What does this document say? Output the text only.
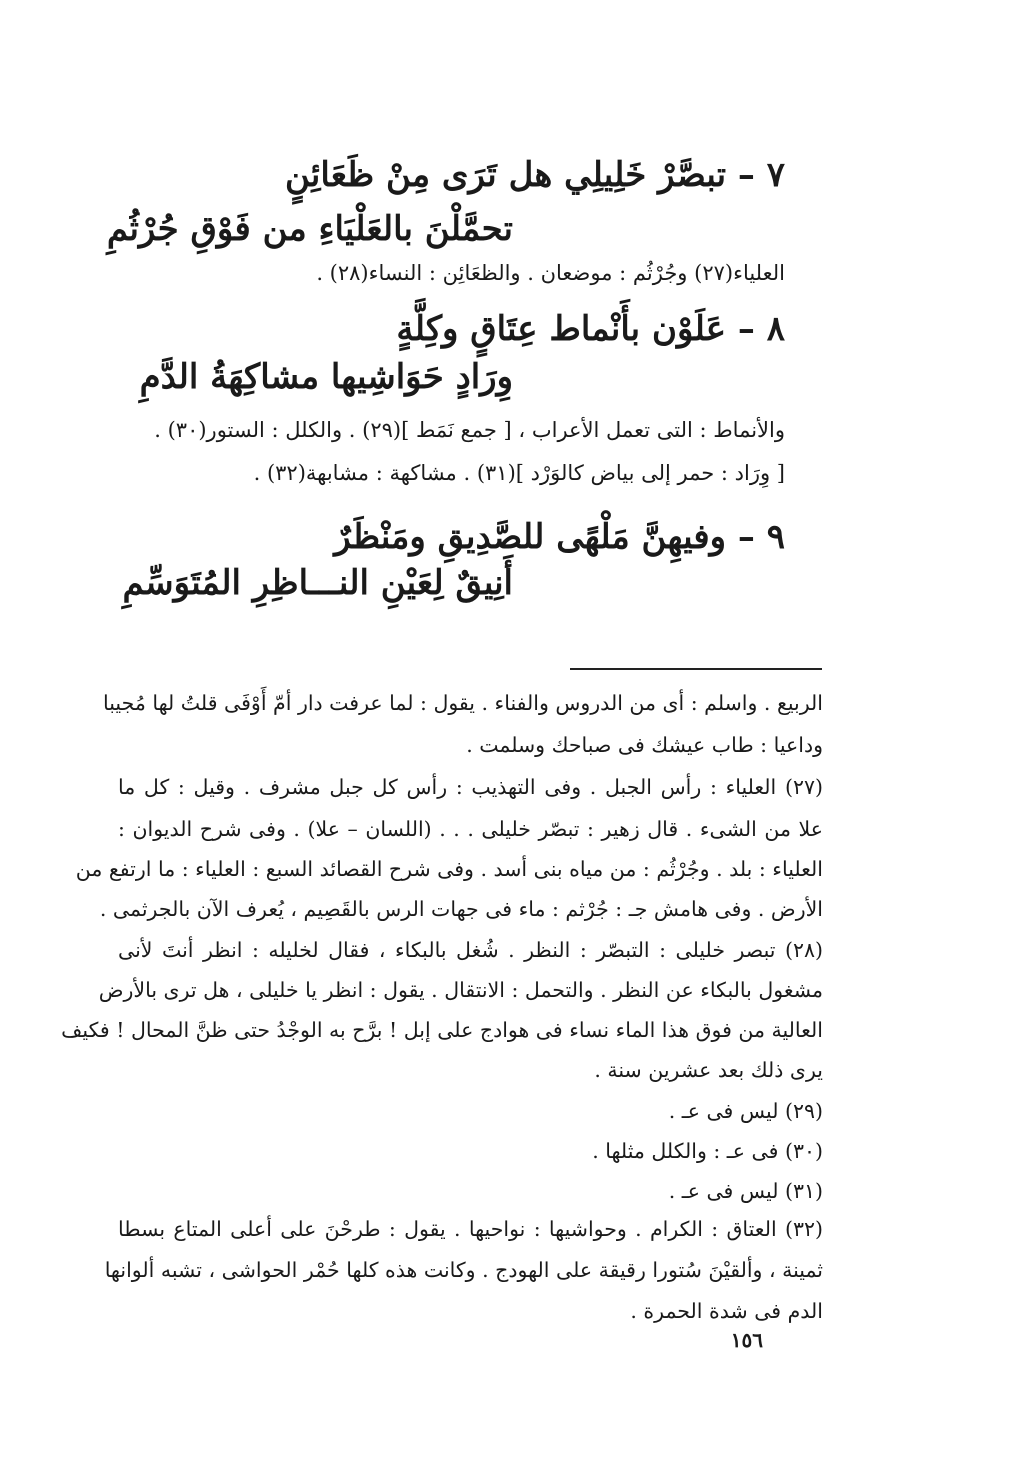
٧ – تبصَّرْ خَلِيلِي هل تَرَى مِنْ ظَعَائِنٍ
تحمَّلْنَ بالعَلْيَاءِ من فَوْقِ جُرْثُمِ
العلياء(٢٧) وجُرْثُم : موضعان . والظعَائِن : النساء(٢٨) .
٨ – عَلَوْن بأَنْماط عِتَاقٍ وكِلَّةٍ
وِرَادٍ حَوَاشِيها مشاكِهَةُ الدَّمِ
والأنماط : التى تعمل الأعراب ، [ جمع نَمَط ](٢٩) . والكلل : الستور(٣٠) .
[ وِرَاد : حمر إلى بياض كالوَرْد ](٣١) . مشاكهة : مشابهة(٣٢) .
٩ – وفيهِنَّ مَلْهًى للصَّدِيقِ ومَنْظَرٌ
أَنِيقٌ لِعَيْنِ النـــاظِرِ المُتَوَسِّمِ
الربيع . واسلم : أى من الدروس والفناء . يقول : لما عرفت دار أمّ أَوْفَى قلتُ لها مُجيبا
وداعيا : طاب عيشك فى صباحك وسلمت .
(٢٧) العلياء : رأس الجبل . وفى التهذيب : رأس كل جبل مشرف . وقيل : كل ما
علا من الشىء . قال زهير : تبصّر خليلى . . . (اللسان – علا) . وفى شرح الديوان :
العلياء : بلد . وجُرْثُم : من مياه بنى أسد . وفى شرح القصائد السبع : العلياء : ما ارتفع من
الأرض . وفى هامش جـ : جُرْثم : ماء فى جهات الرس بالقَصِيم ، يُعرف الآن بالجرثمى .
(٢٨) تبصر خليلى : التبصّر : النظر . شُغل بالبكاء ، فقال لخليله : انظر أنتَ لأنى
مشغول بالبكاء عن النظر . والتحمل : الانتقال . يقول : انظر يا خليلى ، هل ترى بالأرض
العالية من فوق هذا الماء نساء فى هوادج على إبل ! برَّح به الوجْدُ حتى ظنَّ المحال ! فكيف
يرى ذلك بعد عشرين سنة .
(٢٩) ليس فى عـ .
(٣٠) فى عـ : والكلل مثلها .
(٣١) ليس فى عـ .
(٣٢) العتاق : الكرام . وحواشيها : نواحيها . يقول : طرحْنَ على أعلى المتاع بسطا
ثمينة ، وألقيْنَ سُتورا رقيقة على الهودج . وكانت هذه كلها حُمْر الحواشى ، تشبه ألوانها
الدم فى شدة الحمرة .
١٥٦
